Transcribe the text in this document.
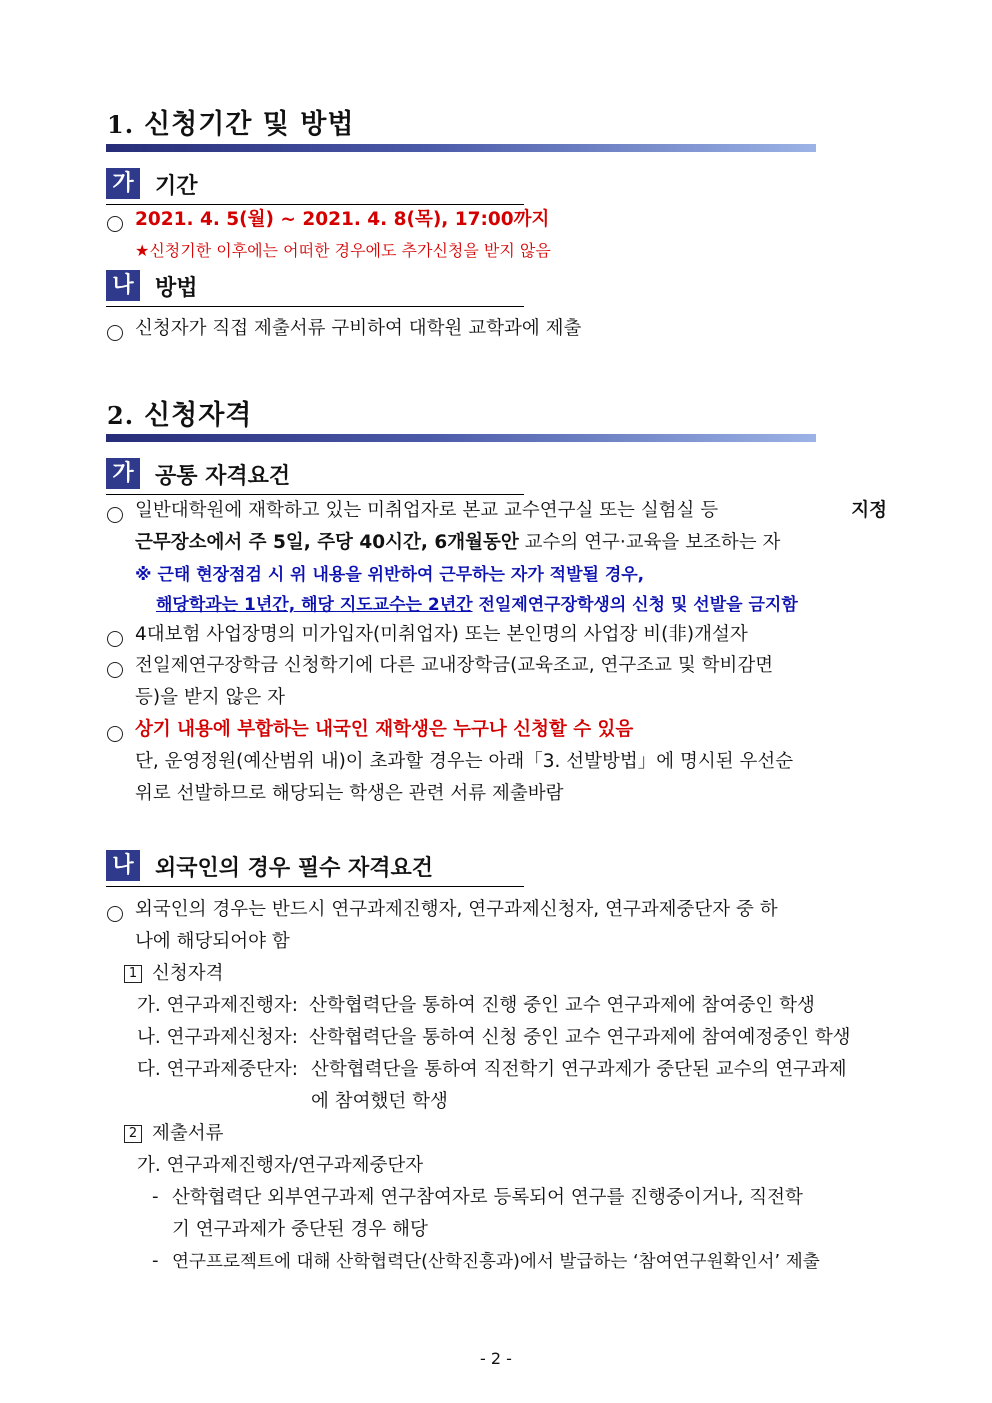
1. 신청기간 및 방법
가 기간
2021. 4. 5(월) ~ 2021. 4. 8(목), 17:00까지
★신청기한 이후에는 어떠한 경우에도 추가신청을 받지 않음
나 방법
신청자가 직접 제출서류 구비하여 대학원 교학과에 제출
2. 신청자격
가 공통 자격요건
일반대학원에 재학하고 있는 미취업자로 본교 교수연구실 또는 실험실 등	지정
근무장소에서 주 5일, 주당 40시간, 6개월동안 교수의 연구·교육을 보조하는 자
※ 근태 현장점검 시 위 내용을 위반하여 근무하는 자가 적발될 경우,
해당학과는 1년간, 해당 지도교수는 2년간 전일제연구장학생의 신청 및 선발을 금지함
4대보험 사업장명의 미가입자(미취업자) 또는 본인명의 사업장 비(非)개설자
전일제연구장학금 신청학기에 다른 교내장학금(교육조교, 연구조교 및 학비감면
등)을 받지 않은 자
상기 내용에 부합하는 내국인 재학생은 누구나 신청할 수 있음
단, 운영정원(예산범위 내)이 초과할 경우는 아래「3. 선발방법」에 명시된 우선순
위로 선발하므로 해당되는 학생은 관련 서류 제출바람
나 외국인의 경우 필수 자격요건
외국인의 경우는 반드시 연구과제진행자, 연구과제신청자, 연구과제중단자 중 하
나에 해당되어야 함
1 신청자격
가. 연구과제진행자: 산학협력단을 통하여 진행 중인 교수 연구과제에 참여중인 학생
나. 연구과제신청자: 산학협력단을 통하여 신청 중인 교수 연구과제에 참여예정중인 학생
다. 연구과제중단자: 산학협력단을 통하여 직전학기 연구과제가 중단된 교수의 연구과제
에 참여했던 학생
2 제출서류
가. 연구과제진행자/연구과제중단자
- 산학협력단 외부연구과제 연구참여자로 등록되어 연구를 진행중이거나, 직전학
기 연구과제가 중단된 경우 해당
- 연구프로젝트에 대해 산학협력단(산학진흥과)에서 발급하는 ‘참여연구원확인서’ 제출
- 2 -
